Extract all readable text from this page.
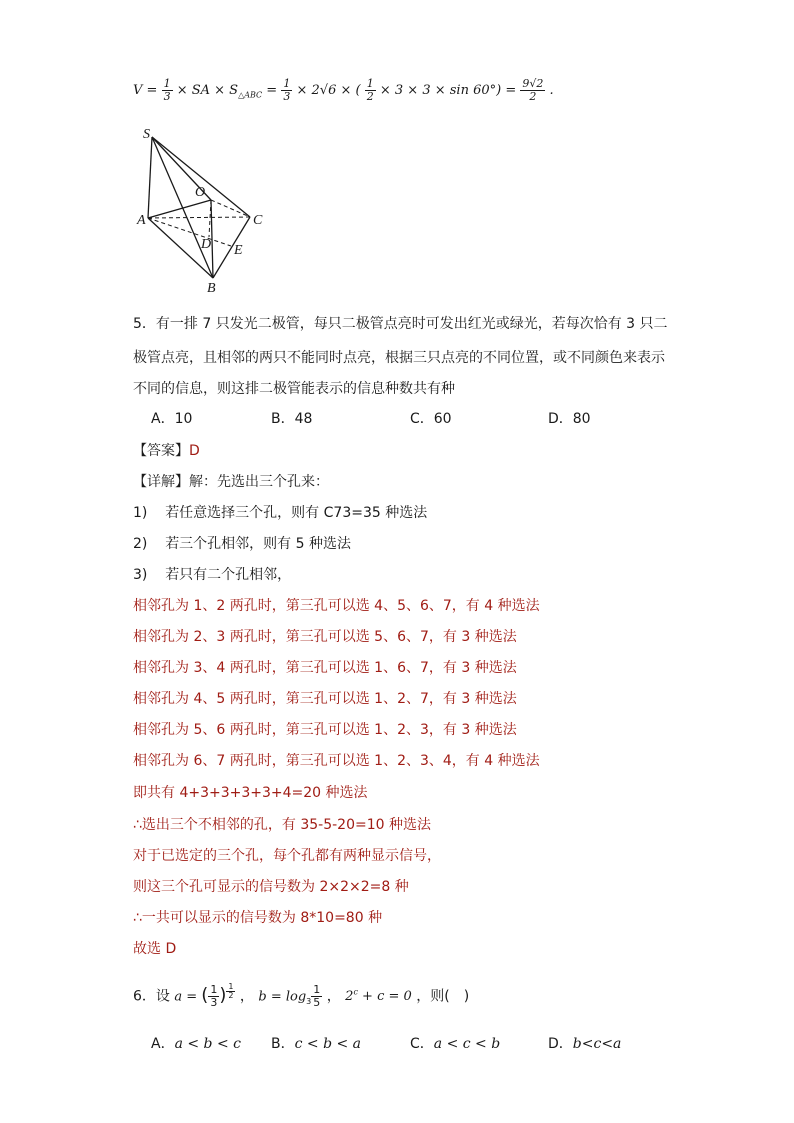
$V = \frac{1}{3}$ × SA × $S_{\triangle ABC} = \frac{1}{3} \times 2√6$ × ( $\frac{1}{2} \times 3 \times 3 \times \sin 60^\circ) = \frac{9√2}{2}$ .
S
O
A	C
D E
B
5．有一排 7 只发光二极管，每只二极管点亮时可发出红光或绿光，若每次恰有 3 只二
极管点亮，且相邻的两只不能同时点亮，根据三只点亮的不同位置，或不同颜色来表示
不同的信息，则这排二极管能表示的信息种数共有种
A．10	B．48	C．60	D．80
【答案】D
【详解】解：先选出三个孔来：
1) 若任意选择三个孔，则有 C73=35 种选法
2) 若三个孔相邻，则有 5 种选法
3) 若只有二个孔相邻，
相邻孔为 1、2 两孔时，第三孔可以选 4、5、6、7，有 4 种选法
相邻孔为 2、3 两孔时，第三孔可以选 5、6、7，有 3 种选法
相邻孔为 3、4 两孔时，第三孔可以选 1、6、7，有 3 种选法
相邻孔为 4、5 两孔时，第三孔可以选 1、2、7，有 3 种选法
相邻孔为 5、6 两孔时，第三孔可以选 1、2、3，有 3 种选法
相邻孔为 6、7 两孔时，第三孔可以选 1、2、3、4，有 4 种选法
即共有 4+3+3+3+3+4=20 种选法
∴选出三个不相邻的孔，有 35-5-20=10 种选法
对于已选定的三个孔，每个孔都有两种显示信号，
则这三个孔可显示的信号数为 2×2×2=8 种
∴一共可以显示的信号数为 8*10=80 种
故选 D
6．设 a = ( $\frac{1}{3}$ ) $^{\frac{1}{2}}$ ， $b = \log_3 \frac{1}{5}$ ， $2^c + c = 0$ ，则(　)
A．a < b < c B．c < b < a	C．a < c < b	D．b<c<a
